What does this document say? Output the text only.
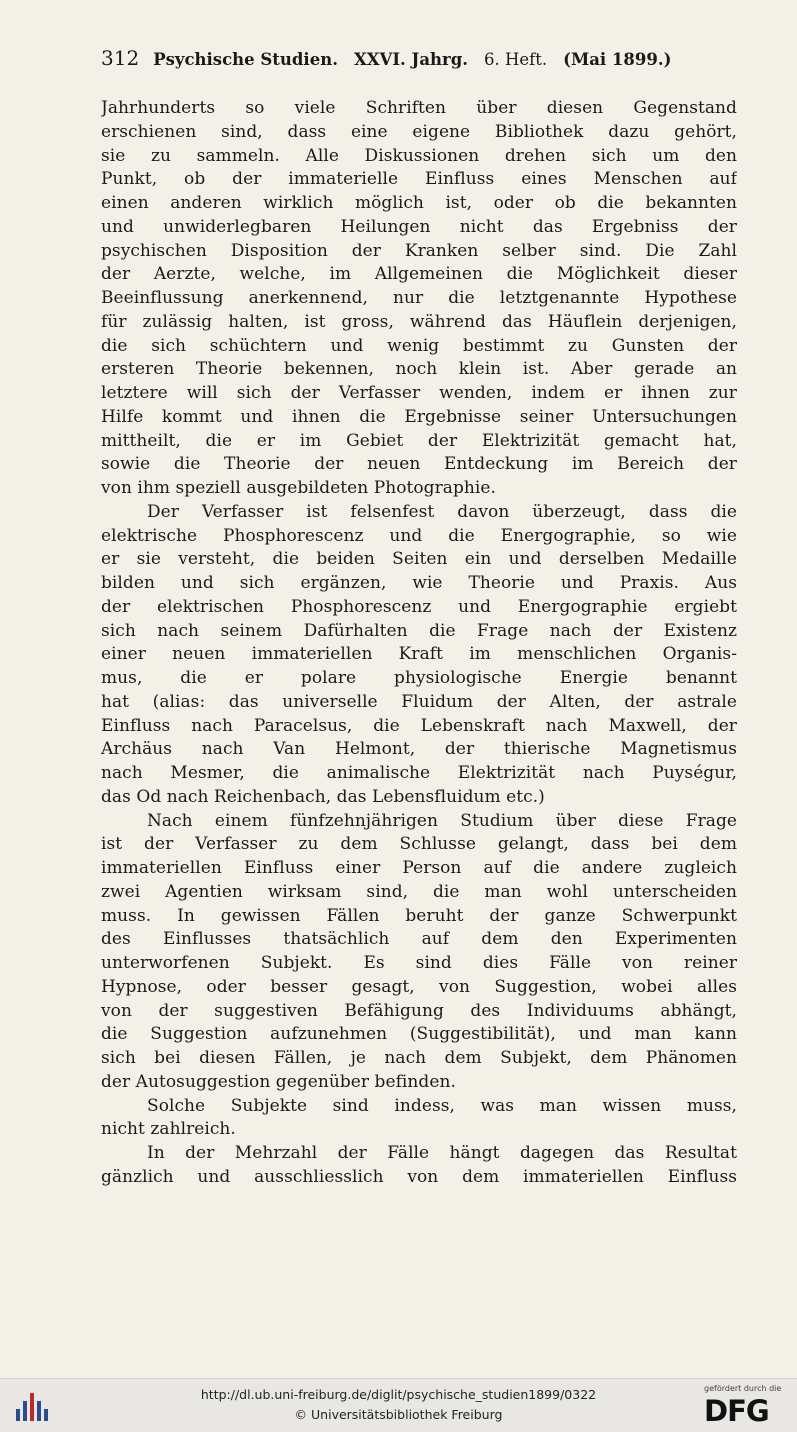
312 Psychische Studien. XXVI. Jahrg. 6. Heft. (Mai 1899.)
Jahrhunderts so viele Schriften über diesen Gegenstand
erschienen sind, dass eine eigene Bibliothek dazu gehört,
sie zu sammeln. Alle Diskussionen drehen sich um den
Punkt, ob der immaterielle Einfluss eines Menschen auf
einen anderen wirklich möglich ist, oder ob die bekannten
und unwiderlegbaren Heilungen nicht das Ergebniss der
psychischen Disposition der Kranken selber sind. Die Zahl
der Aerzte, welche, im Allgemeinen die Möglichkeit dieser
Beeinflussung anerkennend, nur die letztgenannte Hypothese
für zulässig halten, ist gross, während das Häuflein derjenigen,
die sich schüchtern und wenig bestimmt zu Gunsten der
ersteren Theorie bekennen, noch klein ist. Aber gerade an
letztere will sich der Verfasser wenden, indem er ihnen zur
Hilfe kommt und ihnen die Ergebnisse seiner Untersuchungen
mittheilt, die er im Gebiet der Elektrizität gemacht hat,
sowie die Theorie der neuen Entdeckung im Bereich der
von ihm speziell ausgebildeten Photographie.
Der Verfasser ist felsenfest davon überzeugt, dass die
elektrische Phosphorescenz und die Energographie, so wie
er sie versteht, die beiden Seiten ein und derselben Medaille
bilden und sich ergänzen, wie Theorie und Praxis. Aus
der elektrischen Phosphorescenz und Energographie ergiebt
sich nach seinem Dafürhalten die Frage nach der Existenz
einer neuen immateriellen Kraft im menschlichen Organis-
mus, die er polare physiologische Energie benannt
hat (alias: das universelle Fluidum der Alten, der astrale
Einfluss nach Paracelsus, die Lebenskraft nach Maxwell, der
Archäus nach Van Helmont, der thierische Magnetismus
nach Mesmer, die animalische Elektrizität nach Puységur,
das Od nach Reichenbach, das Lebensfluidum etc.)
Nach einem fünfzehnjährigen Studium über diese Frage
ist der Verfasser zu dem Schlusse gelangt, dass bei dem
immateriellen Einfluss einer Person auf die andere zugleich
zwei Agentien wirksam sind, die man wohl unterscheiden
muss. In gewissen Fällen beruht der ganze Schwerpunkt
des Einflusses thatsächlich auf dem den Experimenten
unterworfenen Subjekt. Es sind dies Fälle von reiner
Hypnose, oder besser gesagt, von Suggestion, wobei alles
von der suggestiven Befähigung des Individuums abhängt,
die Suggestion aufzunehmen (Suggestibilität), und man kann
sich bei diesen Fällen, je nach dem Subjekt, dem Phänomen
der Autosuggestion gegenüber befinden.
Solche Subjekte sind indess, was man wissen muss,
nicht zahlreich.
In der Mehrzahl der Fälle hängt dagegen das Resultat
gänzlich und ausschliesslich von dem immateriellen Einfluss
http://dl.ub.uni-freiburg.de/diglit/psychische_studien1899/0322
© Universitätsbibliothek Freiburg
gefördert durch die
DFG
